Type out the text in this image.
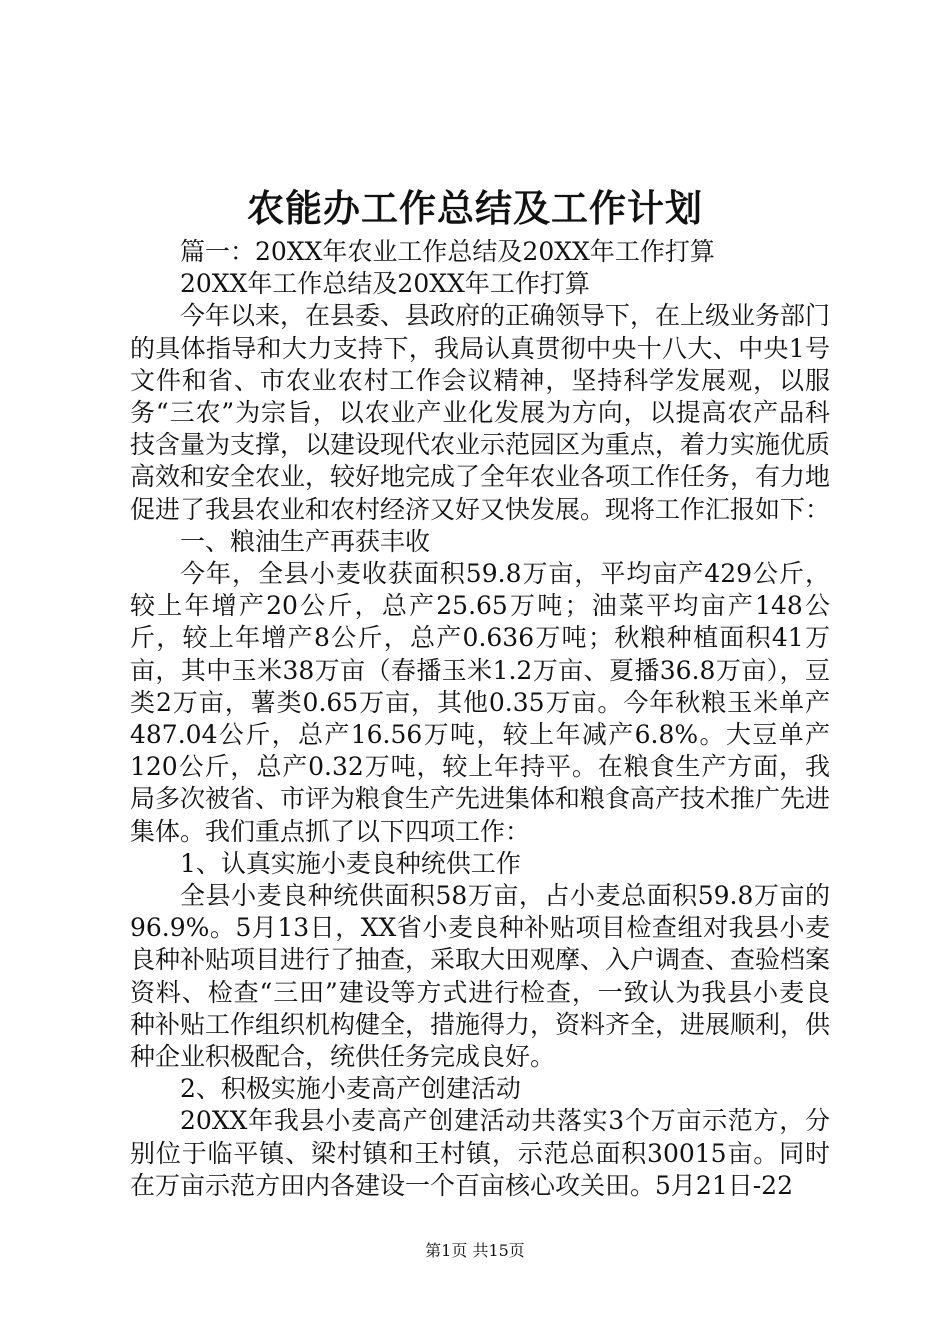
农能办工作总结及工作计划

篇一：20XX年农业工作总结及20XX年工作打算

20XX年工作总结及20XX年工作打算

今年以来，在县委、县政府的正确领导下，在上级业务部门的具体指导和大力支持下，我局认真贯彻中央十八大、中央1号文件和省、市农业农村工作会议精神，坚持科学发展观，以服务“三农”为宗旨，以农业产业化发展为方向，以提高农产品科技含量为支撑，以建设现代农业示范园区为重点，着力实施优质高效和安全农业，较好地完成了全年农业各项工作任务，有力地促进了我县农业和农村经济又好又快发展。现将工作汇报如下：

一、粮油生产再获丰收

今年，全县小麦收获面积59.8万亩，平均亩产429公斤，较上年增产20公斤，总产25.65万吨；油菜平均亩产148公斤，较上年增产8公斤，总产0.636万吨；秋粮种植面积41万亩，其中玉米38万亩（春播玉米1.2万亩、夏播36.8万亩），豆类2万亩，薯类0.65万亩，其他0.35万亩。今年秋粮玉米单产487.04公斤，总产16.56万吨，较上年减产6.8%。大豆单产120公斤，总产0.32万吨，较上年持平。在粮食生产方面，我局多次被省、市评为粮食生产先进集体和粮食高产技术推广先进集体。我们重点抓了以下四项工作：

1、认真实施小麦良种统供工作

全县小麦良种统供面积58万亩，占小麦总面积59.8万亩的96.9%。5月13日，XX省小麦良种补贴项目检查组对我县小麦良种补贴项目进行了抽查，采取大田观摩、入户调查、查验档案资料、检查“三田”建设等方式进行检查，一致认为我县小麦良种补贴工作组织机构健全，措施得力，资料齐全，进展顺利，供种企业积极配合，统供任务完成良好。

2、积极实施小麦高产创建活动

20XX年我县小麦高产创建活动共落实3个万亩示范方，分别位于临平镇、梁村镇和王村镇，示范总面积30015亩。同时在万亩示范方田内各建设一个百亩核心攻关田。5月21日-22

第1页 共15页
